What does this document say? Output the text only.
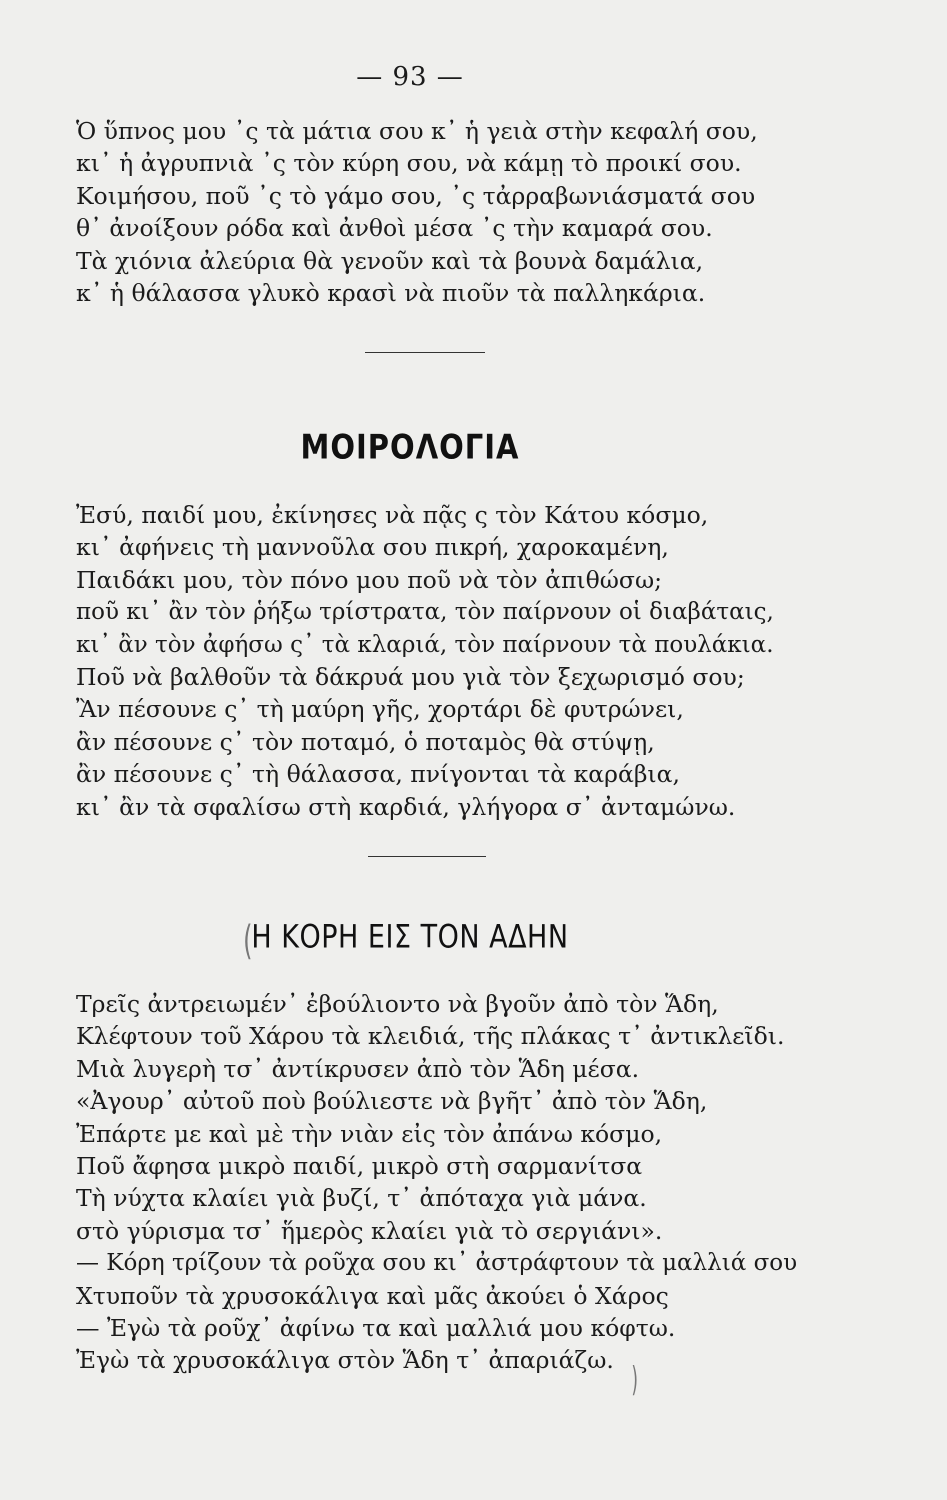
— 93 —
Ὁ ὕπνος μου ᾿ς τὰ μάτια σου κ᾿ ἡ γειὰ στὴν κεφαλή σου,
κι᾿ ἡ ἀγρυπνιὰ ᾿ς τὸν κύρη σου, νὰ κάμῃ τὸ προικί σου.
Κοιμήσου, ποῦ ᾿ς τὸ γάμο σου, ᾿ς τἀρραβωνιάσματά σου
θ᾿ ἀνοίξουν ρόδα καὶ ἀνθοὶ μέσα ᾿ς τὴν καμαρά σου.
Τὰ χιόνια ἀλεύρια θὰ γενοῦν καὶ τὰ βουνὰ δαμάλια,
κ᾿ ἡ θάλασσα γλυκὸ κρασὶ νὰ πιοῦν τὰ παλληκάρια.
ΜΟΙΡΟΛΟΓΙΑ
Ἐσύ, παιδί μου, ἐκίνησες νὰ πᾷς ς τὸν Κάτου κόσμο,
κι᾿ ἀφήνεις τὴ μαννοῦλα σου πικρή, χαροκαμένη,
Παιδάκι μου, τὸν πόνο μου ποῦ νὰ τὸν ἀπιθώσω;
ποῦ κι᾿ ἂν τὸν ῥήξω τρίστρατα, τὸν παίρνουν οἱ διαβάταις,
κι᾿ ἂν τὸν ἀφήσω ς᾿ τὰ κλαριά, τὸν παίρνουν τὰ πουλάκια.
Ποῦ νὰ βαλθοῦν τὰ δάκρυά μου γιὰ τὸν ξεχωρισμό σου;
Ἂν πέσουνε ς᾿ τὴ μαύρη γῆς, χορτάρι δὲ φυτρώνει,
ἂν πέσουνε ς᾿ τὸν ποταμό, ὁ ποταμὸς θὰ στύψῃ,
ἂν πέσουνε ς᾿ τὴ θάλασσα, πνίγονται τὰ καράβια,
κι᾿ ἂν τὰ σφαλίσω στὴ καρδιά, γλήγορα σ᾿ ἀνταμώνω.
(
Η ΚΟΡΗ ΕΙΣ ΤΟΝ ΑΔΗΝ
Τρεῖς ἀντρειωμέν᾿ ἐβούλιοντο νὰ βγοῦν ἀπὸ τὸν Ἅδη,
Κλέφτουν τοῦ Χάρου τὰ κλειδιά, τῆς πλάκας τ᾿ ἀντικλεῖδι.
Μιὰ λυγερὴ τσ᾿ ἀντίκρυσεν ἀπὸ τὸν Ἅδη μέσα.
«Ἀγουρ᾿ αὐτοῦ ποὺ βούλιεστε νὰ βγῆτ᾿ ἀπὸ τὸν Ἅδη,
Ἐπάρτε με καὶ μὲ τὴν νιὰν εἰς τὸν ἀπάνω κόσμο,
Ποῦ ἄφησα μικρὸ παιδί, μικρὸ στὴ σαρμανίτσα
Τὴ νύχτα κλαίει γιὰ βυζί, τ᾿ ἀπόταχα γιὰ μάνα.
στὸ γύρισμα τσ᾿ ἥμερὸς κλαίει γιὰ τὸ σεργιάνι».
— Κόρη τρίζουν τὰ ροῦχα σου κι᾿ ἀστράφτουν τὰ μαλλιά σου
Χτυποῦν τὰ χρυσοκάλιγα καὶ μᾶς ἀκούει ὁ Χάρος
— Ἐγὼ τὰ ροῦχ᾿ ἀφίνω τα καὶ μαλλιά μου κόφτω.
Ἐγὼ τὰ χρυσοκάλιγα στὸν Ἅδη τ᾿ ἀπαριάζω. )
